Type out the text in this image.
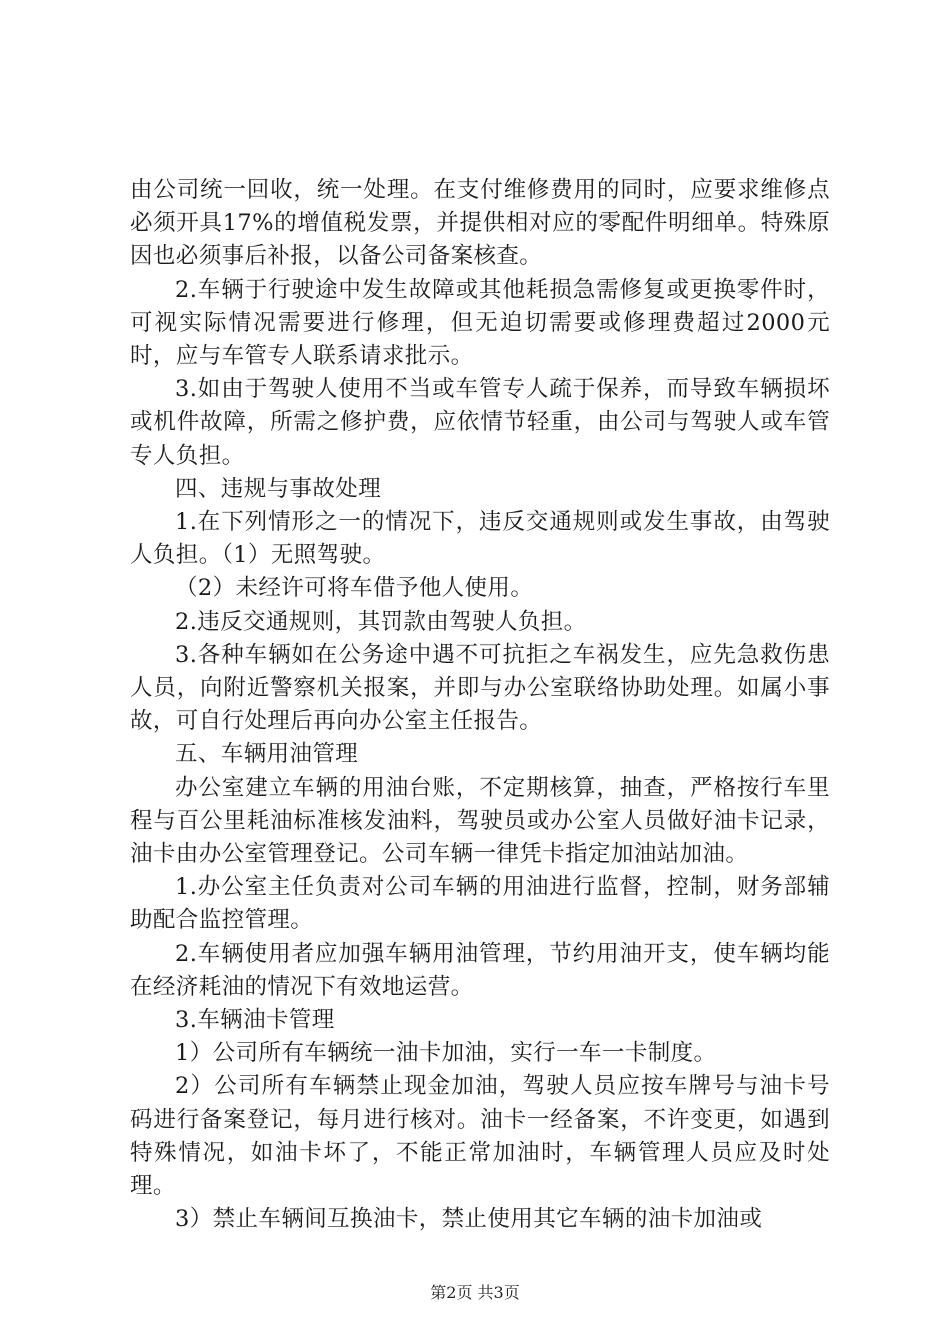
由公司统一回收，统一处理。在支付维修费用的同时，应要求维修点必须开具17%的增值税发票，并提供相对应的零配件明细单。特殊原因也必须事后补报，以备公司备案核查。

2.车辆于行驶途中发生故障或其他耗损急需修复或更换零件时，可视实际情况需要进行修理，但无迫切需要或修理费超过2000元时，应与车管专人联系请求批示。

3.如由于驾驶人使用不当或车管专人疏于保养，而导致车辆损坏或机件故障，所需之修护费，应依情节轻重，由公司与驾驶人或车管专人负担。

四、违规与事故处理

1.在下列情形之一的情况下，违反交通规则或发生事故，由驾驶人负担。（1）无照驾驶。

（2）未经许可将车借予他人使用。

2.违反交通规则，其罚款由驾驶人负担。

3.各种车辆如在公务途中遇不可抗拒之车祸发生，应先急救伤患人员，向附近警察机关报案，并即与办公室联络协助处理。如属小事故，可自行处理后再向办公室主任报告。

五、车辆用油管理

办公室建立车辆的用油台账，不定期核算，抽查，严格按行车里程与百公里耗油标准核发油料，驾驶员或办公室人员做好油卡记录，油卡由办公室管理登记。公司车辆一律凭卡指定加油站加油。

1.办公室主任负责对公司车辆的用油进行监督，控制，财务部辅助配合监控管理。

2.车辆使用者应加强车辆用油管理，节约用油开支，使车辆均能在经济耗油的情况下有效地运营。

3.车辆油卡管理

1）公司所有车辆统一油卡加油，实行一车一卡制度。

2）公司所有车辆禁止现金加油，驾驶人员应按车牌号与油卡号码进行备案登记，每月进行核对。油卡一经备案，不许变更，如遇到特殊情况，如油卡坏了，不能正常加油时，车辆管理人员应及时处理。

3）禁止车辆间互换油卡，禁止使用其它车辆的油卡加油或

第2页 共3页
